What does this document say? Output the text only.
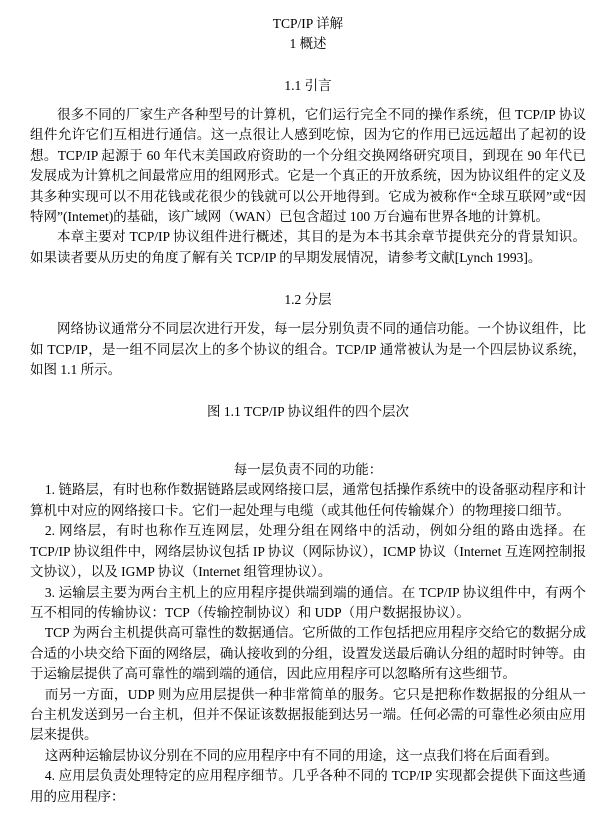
TCP/IP 详解
1 概述
1.1 引言

很多不同的厂家生产各种型号的计算机，它们运行完全不同的操作系统，但 TCP/IP 协议组件允许它们互相进行通信。这一点很让人感到吃惊，因为它的作用已远远超出了起初的设想。TCP/IP 起源于 60 年代末美国政府资助的一个分组交换网络研究项目，到现在 90 年代已发展成为计算机之间最常应用的组网形式。它是一个真正的开放系统，因为协议组件的定义及其多种实现可以不用花钱或花很少的钱就可以公开地得到。它成为被称作“全球互联网”或“因特网”(Intemet)的基础，该广域网（WAN）已包含超过 100 万台遍布世界各地的计算机。

本章主要对 TCP/IP 协议组件进行概述，其目的是为本书其余章节提供充分的背景知识。如果读者要从历史的角度了解有关 TCP/IP 的早期发展情况，请参考文献[Lynch 1993]。

1.2 分层

网络协议通常分不同层次进行开发，每一层分别负责不同的通信功能。一个协议组件，比如 TCP/IP，是一组不同层次上的多个协议的组合。TCP/IP 通常被认为是一个四层协议系统，如图 1.1 所示。

图 1.1 TCP/IP 协议组件的四个层次
每一层负责不同的功能：

1. 链路层，有时也称作数据链路层或网络接口层，通常包括操作系统中的设备驱动程序和计算机中对应的网络接口卡。它们一起处理与电缆（或其他任何传输媒介）的物理接口细节。

2. 网络层，有时也称作互连网层，处理分组在网络中的活动，例如分组的路由选择。在 TCP/IP 协议组件中，网络层协议包括 IP 协议（网际协议），ICMP 协议（Internet 互连网控制报文协议），以及 IGMP 协议（Internet 组管理协议）。

3. 运输层主要为两台主机上的应用程序提供端到端的通信。在 TCP/IP 协议组件中，有两个互不相同的传输协议：TCP（传输控制协议）和 UDP（用户数据报协议）。

TCP 为两台主机提供高可靠性的数据通信。它所做的工作包括把应用程序交给它的数据分成合适的小块交给下面的网络层，确认接收到的分组，设置发送最后确认分组的超时时钟等。由于运输层提供了高可靠性的端到端的通信，因此应用程序可以忽略所有这些细节。

而另一方面，UDP 则为应用层提供一种非常简单的服务。它只是把称作数据报的分组从一台主机发送到另一台主机，但并不保证该数据报能到达另一端。任何必需的可靠性必须由应用层来提供。

这两种运输层协议分别在不同的应用程序中有不同的用途，这一点我们将在后面看到。

4. 应用层负责处理特定的应用程序细节。几乎各种不同的 TCP/IP 实现都会提供下面这些通用的应用程序：
